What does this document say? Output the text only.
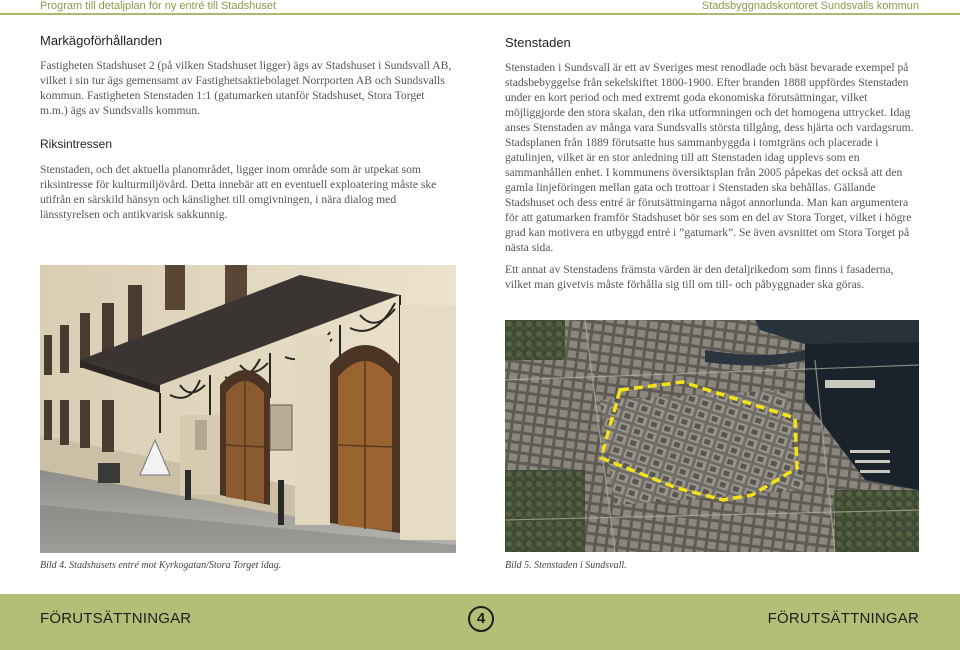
Program till detaljplan för ny entré till Stadshuset	Stadsbyggnadskontoret Sundsvalls kommun
Markägoförhållanden

Fastigheten Stadshuset 2 (på vilken Stadshuset ligger) ägs av Stadshuset i Sundsvall AB, vilket i sin tur ägs gemensamt av Fastighetsaktiebolaget Norrporten AB och Sundsvalls kommun. Fastigheten Stenstaden 1:1 (gatumarken utanför Stadshuset, Stora Torget m.m.) ägs av Sundsvalls kommun.

Riksintressen

Stenstaden, och det aktuella planområdet, ligger inom område som är utpekat som riksintresse för kulturmiljövård. Detta innebär att en eventuell exploatering måste ske utifrån en särskild hänsyn och känslighet till omgivningen, i nära dialog med länsstyrelsen och antikvarisk sakkunnig.

Bild 4. Stadshusets entré mot Kyrkogatan/Stora Torget idag.
Stenstaden

Stenstaden i Sundsvall är ett av Sveriges mest renodlade och bäst bevarade exempel på stadsbebyggelse från sekelskiftet 1800-1900. Efter branden 1888 uppfördes Stenstaden under en kort period och med extremt goda ekonomiska förutsättningar, vilket möjliggjorde den stora skalan, den rika utformningen och det homogena uttrycket. Idag anses Stenstaden av många vara Sundsvalls största tillgång, dess hjärta och vardagsrum. Stadsplanen från 1889 förutsatte hus sammanbyggda i tomtgräns och placerade i gatulinjen, vilket är en stor anledning till att Stenstaden idag upplevs som en sammanhållen enhet. I kommunens översiktsplan från 2005 påpekas det också att den gamla linjeföringen mellan gata och trottoar i Stenstaden ska behållas. Gällande Stadshuset och dess entré är förutsättningarna något annorlunda. Man kan argumentera för att gatumarken framför Stadshuset bör ses som en del av Stora Torget, vilket i högre grad kan motivera en utbyggd entré i ”gatumark”. Se även avsnittet om Stora Torget på nästa sida.

Ett annat av Stenstadens främsta värden är den detaljrikedom som finns i fasaderna, vilket man givetvis måste förhålla sig till om till- och påbyggnader ska göras.

Bild 5. Stenstaden i Sundsvall.
FÖRUTSÄTTNINGAR	4	FÖRUTSÄTTNINGAR
